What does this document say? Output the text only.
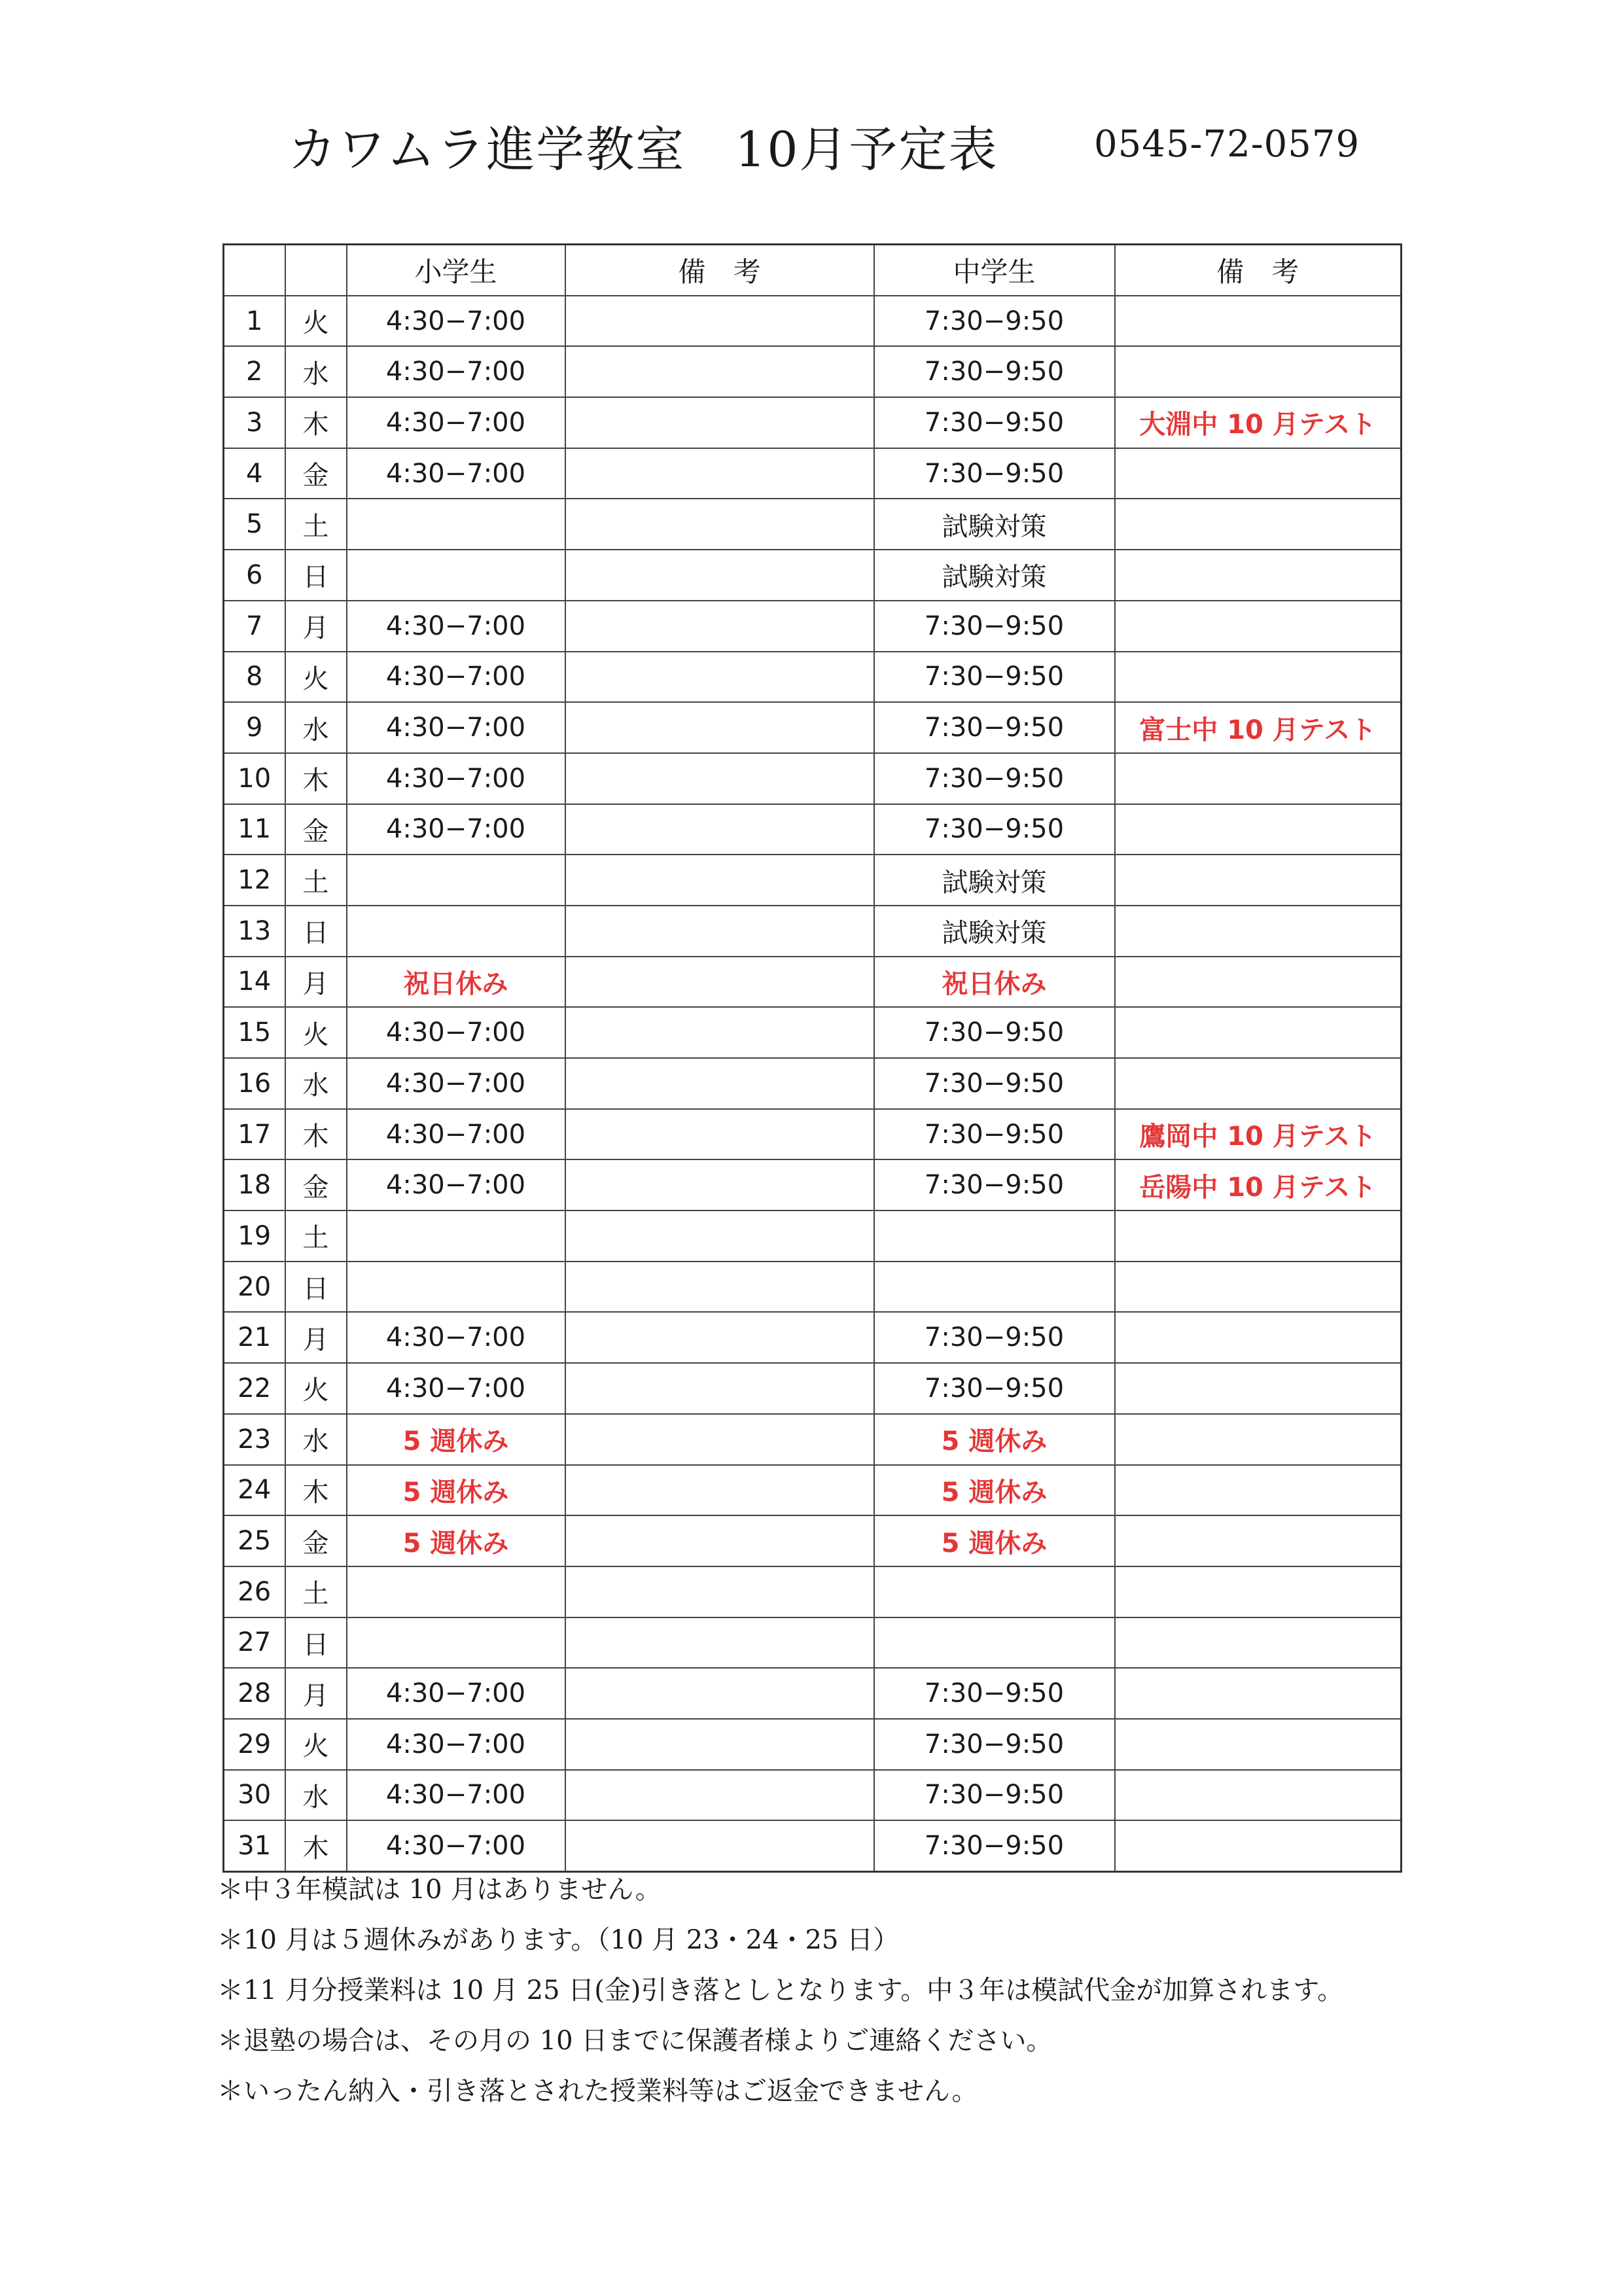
カワムラ進学教室　10月予定表	0545-72-0579
		小学生	備　考	中学生	備　考
1	火	4:30−7:00		7:30−9:50	
2	水	4:30−7:00		7:30−9:50	
3	木	4:30−7:00		7:30−9:50	大淵中 10 月テスト
4	金	4:30−7:00		7:30−9:50	
5	土			試験対策	
6	日			試験対策	
7	月	4:30−7:00		7:30−9:50	
8	火	4:30−7:00		7:30−9:50	
9	水	4:30−7:00		7:30−9:50	富士中 10 月テスト
10	木	4:30−7:00		7:30−9:50	
11	金	4:30−7:00		7:30−9:50	
12	土			試験対策	
13	日			試験対策	
14	月	祝日休み		祝日休み	
15	火	4:30−7:00		7:30−9:50	
16	水	4:30−7:00		7:30−9:50	
17	木	4:30−7:00		7:30−9:50	鷹岡中 10 月テスト
18	金	4:30−7:00		7:30−9:50	岳陽中 10 月テスト
19	土				
20	日				
21	月	4:30−7:00		7:30−9:50	
22	火	4:30−7:00		7:30−9:50	
23	水	5 週休み		5 週休み	
24	木	5 週休み		5 週休み	
25	金	5 週休み		5 週休み	
26	土				
27	日				
28	月	4:30−7:00		7:30−9:50	
29	火	4:30−7:00		7:30−9:50	
30	水	4:30−7:00		7:30−9:50	
31	木	4:30−7:00		7:30−9:50	
＊中３年模試は 10 月はありません。
＊10 月は５週休みがあります。（10 月 23・24・25 日）
＊11 月分授業料は 10 月 25 日(金)引き落としとなります。中３年は模試代金が加算されます。
＊退塾の場合は、その月の 10 日までに保護者様よりご連絡ください。
＊いったん納入・引き落とされた授業料等はご返金できません。
